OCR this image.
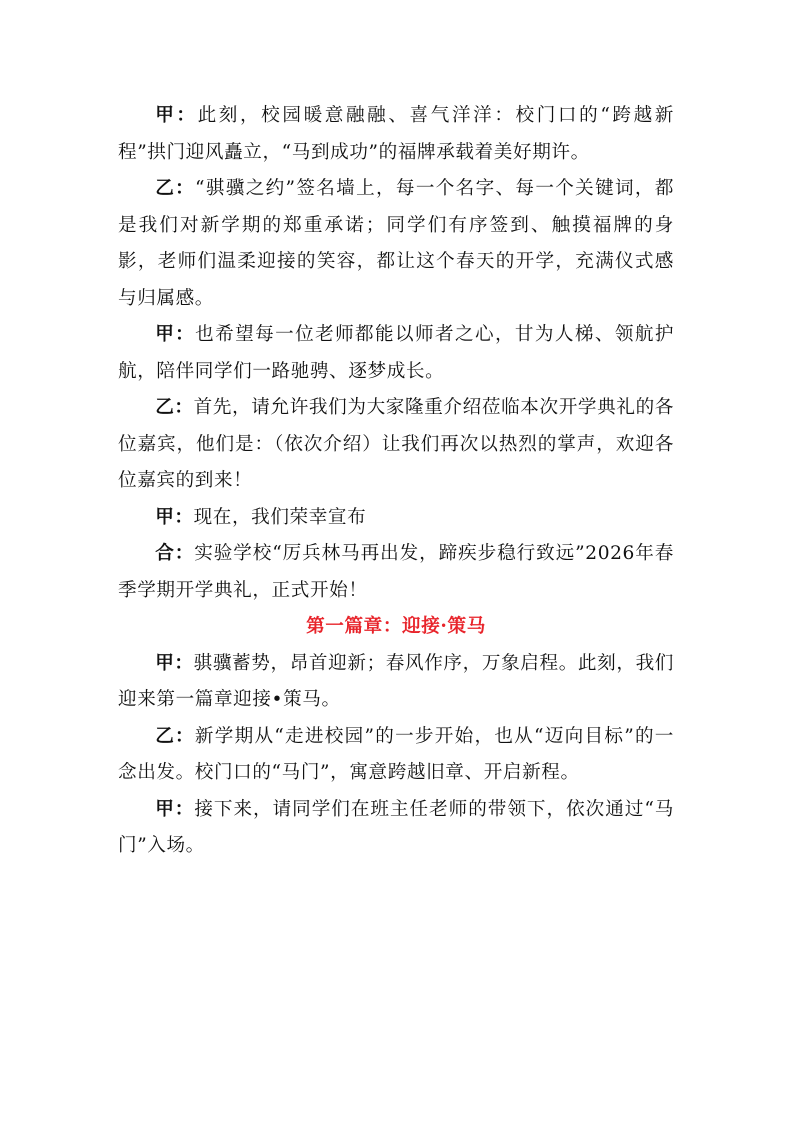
甲：此刻，校园暖意融融、喜气洋洋：校门口的“跨越新程”拱门迎风矗立，“马到成功”的福牌承载着美好期许。

乙：“骐骥之约”签名墙上，每一个名字、每一个关键词，都是我们对新学期的郑重承诺；同学们有序签到、触摸福牌的身影，老师们温柔迎接的笑容，都让这个春天的开学，充满仪式感与归属感。

甲：也希望每一位老师都能以师者之心，甘为人梯、领航护航，陪伴同学们一路驰骋、逐梦成长。

乙：首先，请允许我们为大家隆重介绍莅临本次开学典礼的各位嘉宾，他们是：（依次介绍）让我们再次以热烈的掌声，欢迎各位嘉宾的到来！

甲：现在，我们荣幸宣布

合：实验学校“厉兵林马再出发，蹄疾步稳行致远”2026年春季学期开学典礼，正式开始！

第一篇章：迎接·策马

甲：骐骥蓄势，昂首迎新；春风作序，万象启程。此刻，我们迎来第一篇章迎接•策马。

乙：新学期从“走进校园”的一步开始，也从“迈向目标”的一念出发。校门口的“马门”，寓意跨越旧章、开启新程。

甲：接下来，请同学们在班主任老师的带领下，依次通过“马门”入场。
